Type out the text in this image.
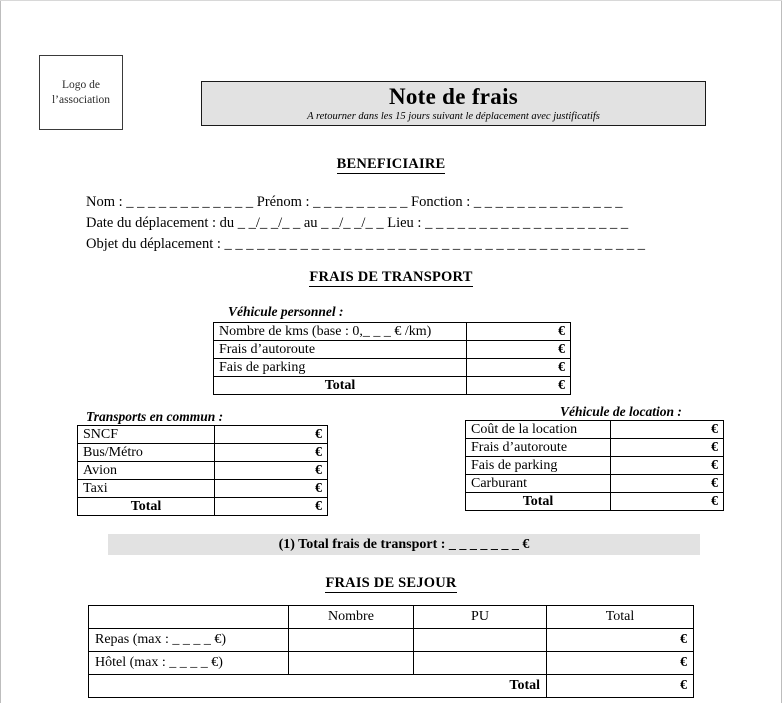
Logo de
l’association	Note de frais
A retourner dans les 15 jours suivant le déplacement avec justificatifs
BENEFICIAIRE
Nom : _ _ _ _ _ _ _ _ _ _ _ _ Prénom : _ _ _ _ _ _ _ _ _ Fonction : _ _ _ _ _ _ _ _ _ _ _ _ _ _
Date du déplacement : du _ _/_ _/_ _ au _ _/_ _/_ _ Lieu : _ _ _ _ _ _ _ _ _ _ _ _ _ _ _ _ _ _ _
Objet du déplacement : _ _ _ _ _ _ _ _ _ _ _ _ _ _ _ _ _ _ _ _ _ _ _ _ _ _ _ _ _ _ _ _ _ _ _ _ _ _ _
FRAIS DE TRANSPORT
Véhicule personnel :
Nombre de kms (base : 0,_ _ _ € /km)	€
Frais d’autoroute	€
Fais de parking	€
Total	€
Transports en commun :
SNCF	€
Bus/Métro	€
Avion	€
Taxi	€
Total	€
Véhicule de location :
Coût de la location	€
Frais d’autoroute	€
Fais de parking	€
Carburant	€
Total	€
(1) Total frais de transport : _ _ _ _ _ _ _ €
FRAIS DE SEJOUR
	Nombre	PU	Total
Repas (max : _ _ _ _ €)			€
Hôtel (max : _ _ _ _ €)			€
Total			€
